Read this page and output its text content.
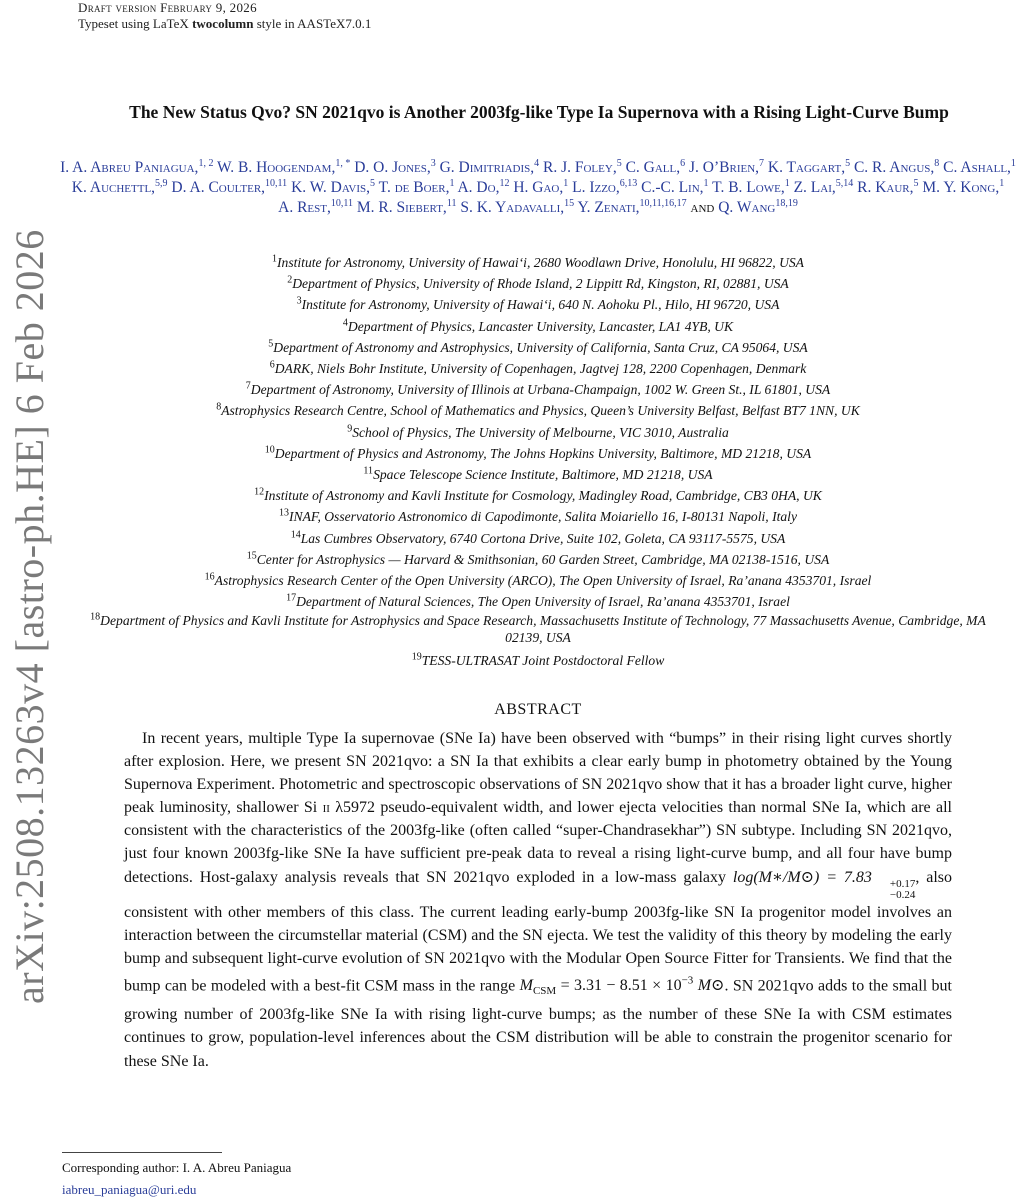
Draft version February 9, 2026
Typeset using LaTeX twocolumn style in AASTeX7.0.1
arXiv:2508.13263v4 [astro-ph.HE] 6 Feb 2026
The New Status Qvo? SN 2021qvo is Another 2003fg-like Type Ia Supernova with a Rising Light-Curve Bump
I. A. Abreu Paniagua,$^{1, 2}$ W. B. Hoogendam,$^{1, *}$ D. O. Jones,$^3$ G. Dimitriadis,$^4$ R. J. Foley,$^5$ C. Gall,$^6$ J. O’Brien,$^7$ K. Taggart,$^5$ C. R. Angus,$^8$ C. Ashall,$^1$ K. Auchettl,$^{5,9}$ D. A. Coulter,$^{10,11}$ K. W. Davis,$^5$ T. de Boer,$^1$ A. Do,$^{12}$ H. Gao,$^1$ L. Izzo,$^{6,13}$ C.-C. Lin,$^1$ T. B. Lowe,$^1$ Z. Lai,$^{5,14}$ R. Kaur,$^5$ M. Y. Kong,$^1$ A. Rest,$^{10,11}$ M. R. Siebert,$^{11}$ S. K. Yadavalli,$^{15}$ Y. Zenati,$^{10,11,16,17}$ and Q. Wang$^{18,19}$
$^1$Institute for Astronomy, University of Hawai‘i, 2680 Woodlawn Drive, Honolulu, HI 96822, USA
$^2$Department of Physics, University of Rhode Island, 2 Lippitt Rd, Kingston, RI, 02881, USA
$^3$Institute for Astronomy, University of Hawai‘i, 640 N. Aohoku Pl., Hilo, HI 96720, USA
$^4$Department of Physics, Lancaster University, Lancaster, LA1 4YB, UK
$^5$Department of Astronomy and Astrophysics, University of California, Santa Cruz, CA 95064, USA
$^6$DARK, Niels Bohr Institute, University of Copenhagen, Jagtvej 128, 2200 Copenhagen, Denmark
$^7$Department of Astronomy, University of Illinois at Urbana-Champaign, 1002 W. Green St., IL 61801, USA
$^8$Astrophysics Research Centre, School of Mathematics and Physics, Queen’s University Belfast, Belfast BT7 1NN, UK
$^9$School of Physics, The University of Melbourne, VIC 3010, Australia
$^{10}$Department of Physics and Astronomy, The Johns Hopkins University, Baltimore, MD 21218, USA
$^{11}$Space Telescope Science Institute, Baltimore, MD 21218, USA
$^{12}$Institute of Astronomy and Kavli Institute for Cosmology, Madingley Road, Cambridge, CB3 0HA, UK
$^{13}$INAF, Osservatorio Astronomico di Capodimonte, Salita Moiariello 16, I-80131 Napoli, Italy
$^{14}$Las Cumbres Observatory, 6740 Cortona Drive, Suite 102, Goleta, CA 93117-5575, USA
$^{15}$Center for Astrophysics — Harvard & Smithsonian, 60 Garden Street, Cambridge, MA 02138-1516, USA
$^{16}$Astrophysics Research Center of the Open University (ARCO), The Open University of Israel, Ra’anana 4353701, Israel
$^{17}$Department of Natural Sciences, The Open University of Israel, Ra’anana 4353701, Israel
$^{18}$Department of Physics and Kavli Institute for Astrophysics and Space Research, Massachusetts Institute of Technology, 77 Massachusetts Avenue, Cambridge, MA 02139, USA
$^{19}$TESS-ULTRASAT Joint Postdoctoral Fellow
ABSTRACT

In recent years, multiple Type Ia supernovae (SNe Ia) have been observed with “bumps” in their rising light curves shortly after explosion. Here, we present SN 2021qvo: a SN Ia that exhibits a clear early bump in photometry obtained by the Young Supernova Experiment. Photometric and spectroscopic observations of SN 2021qvo show that it has a broader light curve, higher peak luminosity, shallower Si ii λ5972 pseudo-equivalent width, and lower ejecta velocities than normal SNe Ia, which are all consistent with the characteristics of the 2003fg-like (often called “super-Chandrasekhar”) SN subtype. Including SN 2021qvo, just four known 2003fg-like SNe Ia have sufficient pre-peak data to reveal a rising light-curve bump, and all four have bump detections. Host-galaxy analysis reveals that SN 2021qvo exploded in a low-mass galaxy log(M∗/M⊙) = 7.83	+0.17
−0.24
, also consistent with other members of this class. The current leading early-bump 2003fg-like SN Ia progenitor model involves an interaction between the circumstellar material (CSM) and the SN ejecta. We test the validity of this theory by modeling the early bump and subsequent light-curve evolution of SN 2021qvo with the Modular Open Source Fitter for Transients. We find that the bump can be modeled with a best-fit CSM mass in the range $M_{CSM} = 3.31 - 8.51 \times 10^{-3}$ M⊙. SN 2021qvo adds to the small but growing number of 2003fg-like SNe Ia with rising light-curve bumps; as the number of these SNe Ia with CSM estimates continues to grow, population-level inferences about the CSM distribution will be able to constrain the progenitor scenario for these SNe Ia.

Corresponding author: I. A. Abreu Paniagua
iabreu_paniagua@uri.edu
